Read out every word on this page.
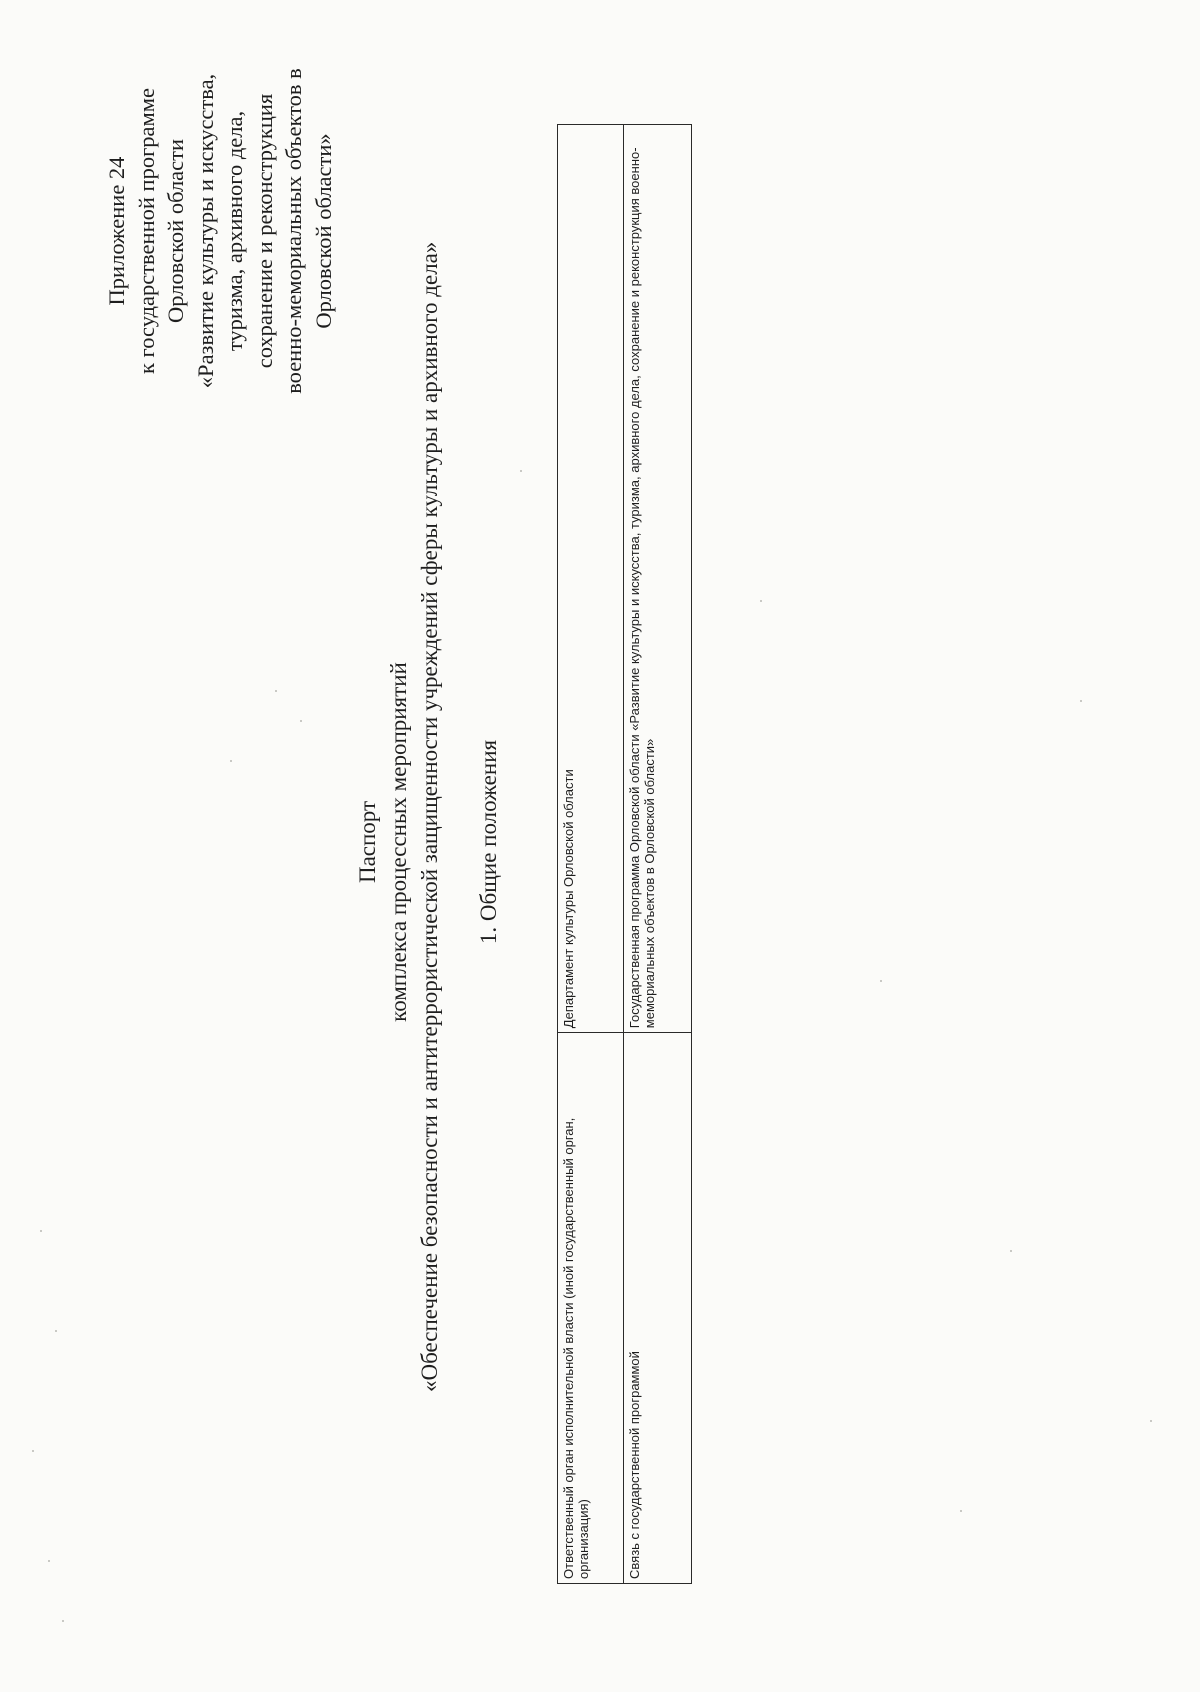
Приложение 24 к государственной программе Орловской области «Развитие культуры и искусства, туризма, архивного дела, сохранение и реконструкция военно-мемориальных объектов в Орловской области»
Паспорт комплекса процессных мероприятий «Обеспечение безопасности и антитеррористической защищенности учреждений сферы культуры и архивного дела» 1. Общие положения
Ответственный орган исполнительной власти (иной государственный орган, организация)	Департамент культуры Орловской области
Связь с государственной программой	Государственная программа Орловской области «Развитие культуры и искусства, туризма, архивного дела, сохранение и реконструкция военно-мемориальных объектов в Орловской области»
